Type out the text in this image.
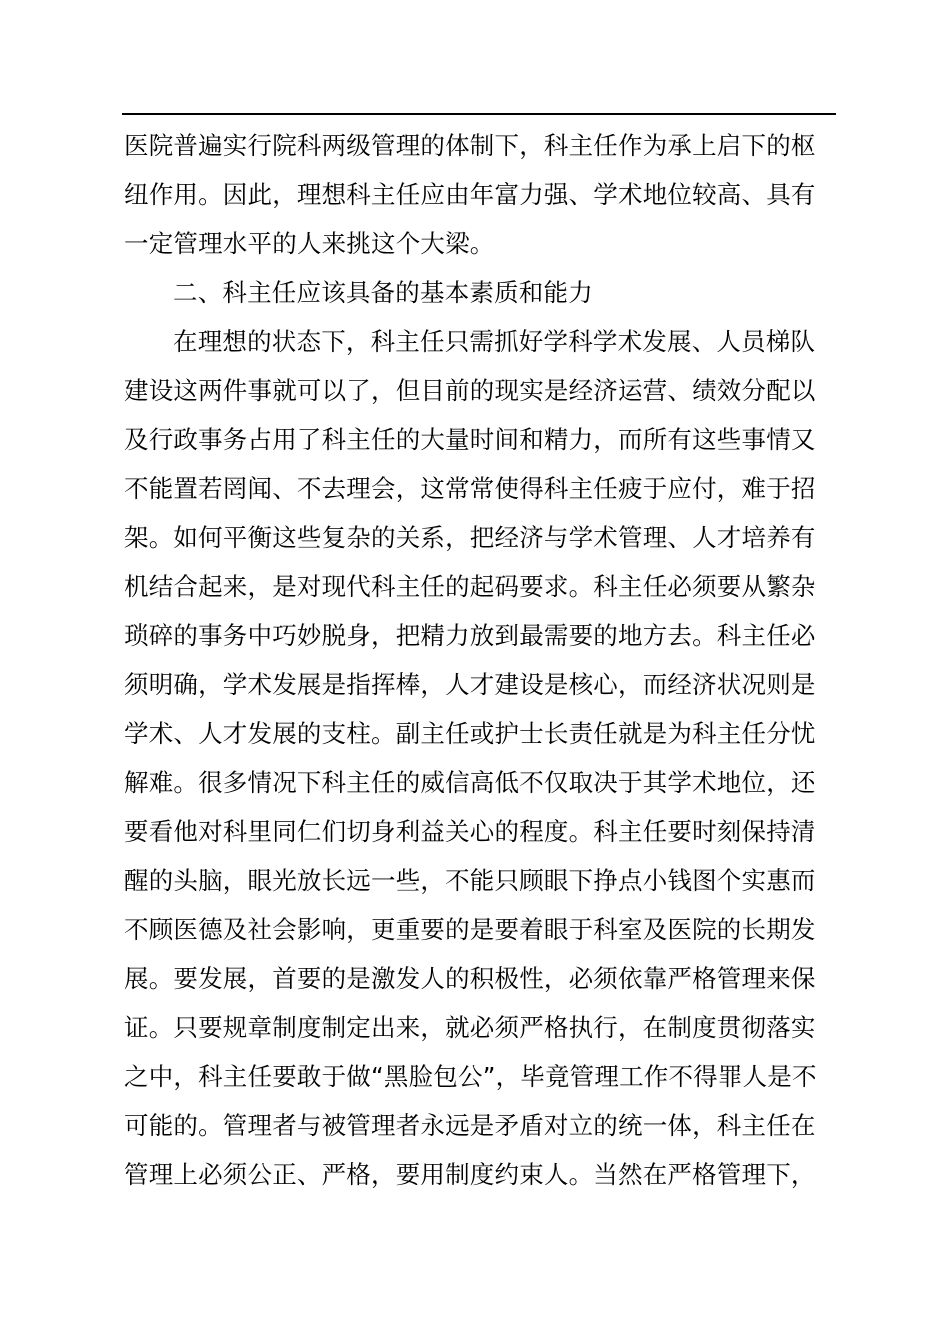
医院普遍实行院科两级管理的体制下，科主任作为承上启下的枢
纽作用。因此，理想科主任应由年富力强、学术地位较高、具有
一定管理水平的人来挑这个大梁。
二、科主任应该具备的基本素质和能力
在理想的状态下，科主任只需抓好学科学术发展、人员梯队
建设这两件事就可以了，但目前的现实是经济运营、绩效分配以
及行政事务占用了科主任的大量时间和精力，而所有这些事情又
不能置若罔闻、不去理会，这常常使得科主任疲于应付，难于招
架。如何平衡这些复杂的关系，把经济与学术管理、人才培养有
机结合起来，是对现代科主任的起码要求。科主任必须要从繁杂
琐碎的事务中巧妙脱身，把精力放到最需要的地方去。科主任必
须明确，学术发展是指挥棒，人才建设是核心，而经济状况则是
学术、人才发展的支柱。副主任或护士长责任就是为科主任分忧
解难。很多情况下科主任的威信高低不仅取决于其学术地位，还
要看他对科里同仁们切身利益关心的程度。科主任要时刻保持清
醒的头脑，眼光放长远一些，不能只顾眼下挣点小钱图个实惠而
不顾医德及社会影响，更重要的是要着眼于科室及医院的长期发
展。要发展，首要的是激发人的积极性，必须依靠严格管理来保
证。只要规章制度制定出来，就必须严格执行，在制度贯彻落实
之中，科主任要敢于做“黑脸包公”，毕竟管理工作不得罪人是不
可能的。管理者与被管理者永远是矛盾对立的统一体，科主任在
管理上必须公正、严格，要用制度约束人。当然在严格管理下，
